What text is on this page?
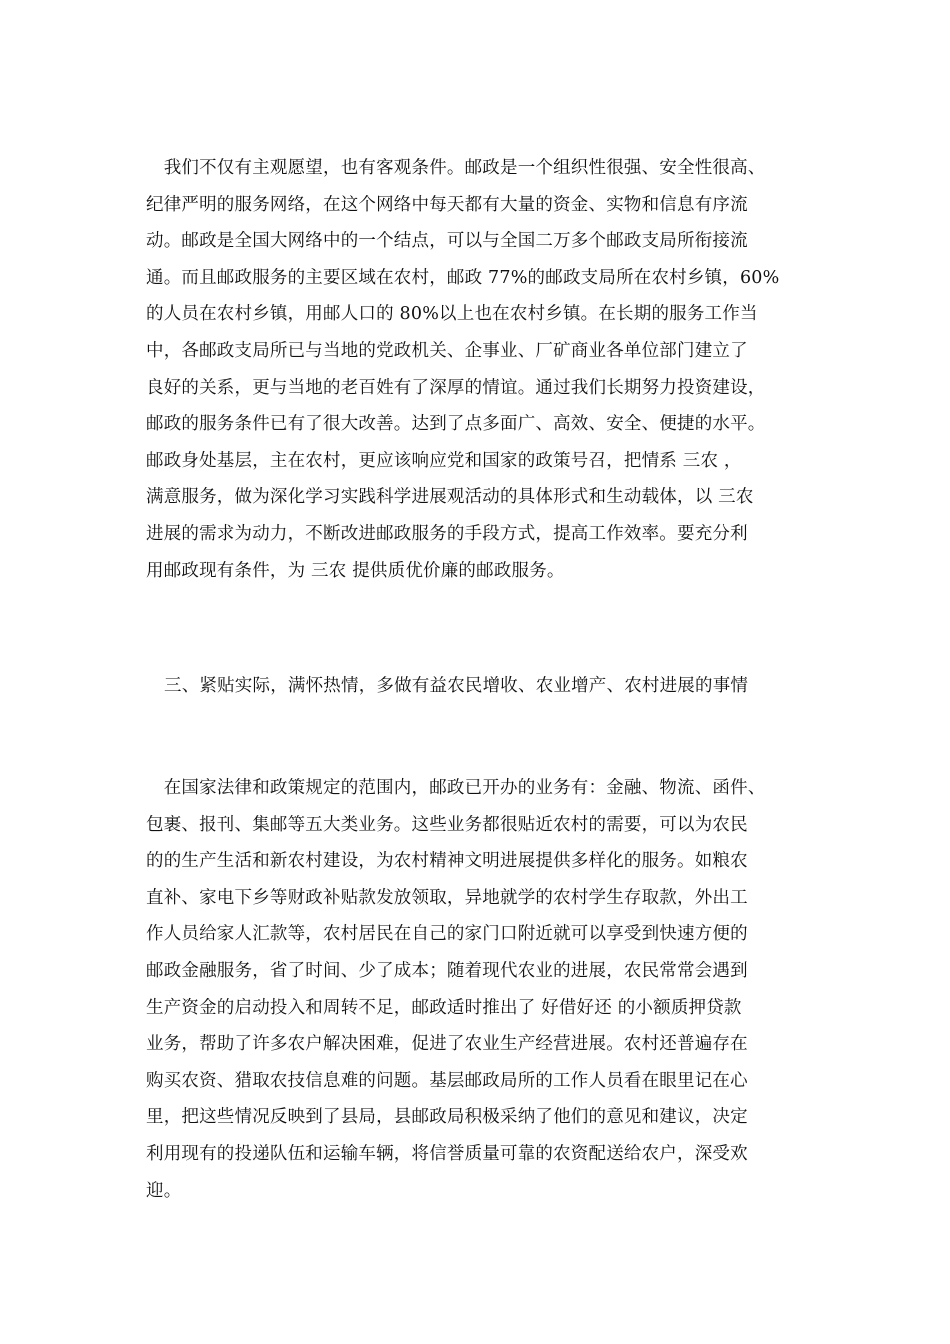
　我们不仅有主观愿望，也有客观条件。邮政是一个组织性很强、安全性很高、
纪律严明的服务网络，在这个网络中每天都有大量的资金、实物和信息有序流
动。邮政是全国大网络中的一个结点，可以与全国二万多个邮政支局所衔接流
通。而且邮政服务的主要区域在农村，邮政 77%的邮政支局所在农村乡镇，60%
的人员在农村乡镇，用邮人口的 80%以上也在农村乡镇。在长期的服务工作当
中，各邮政支局所已与当地的党政机关、企事业、厂矿商业各单位部门建立了
良好的关系，更与当地的老百姓有了深厚的情谊。通过我们长期努力投资建设，
邮政的服务条件已有了很大改善。达到了点多面广、高效、安全、便捷的水平。
邮政身处基层，主在农村，更应该响应党和国家的政策号召，把情系 三农 ，
满意服务，做为深化学习实践科学进展观活动的具体形式和生动载体，以 三农
进展的需求为动力，不断改进邮政服务的手段方式，提高工作效率。要充分利
用邮政现有条件，为 三农 提供质优价廉的邮政服务。
三、紧贴实际，满怀热情，多做有益农民增收、农业增产、农村进展的事情
　在国家法律和政策规定的范围内，邮政已开办的业务有：金融、物流、函件、
包裹、报刊、集邮等五大类业务。这些业务都很贴近农村的需要，可以为农民
的的生产生活和新农村建设，为农村精神文明进展提供多样化的服务。如粮农
直补、家电下乡等财政补贴款发放领取，异地就学的农村学生存取款，外出工
作人员给家人汇款等，农村居民在自己的家门口附近就可以享受到快速方便的
邮政金融服务，省了时间、少了成本；随着现代农业的进展，农民常常会遇到
生产资金的启动投入和周转不足，邮政适时推出了 好借好还 的小额质押贷款
业务，帮助了许多农户解决困难，促进了农业生产经营进展。农村还普遍存在
购买农资、猎取农技信息难的问题。基层邮政局所的工作人员看在眼里记在心
里，把这些情况反映到了县局，县邮政局积极采纳了他们的意见和建议，决定
利用现有的投递队伍和运输车辆，将信誉质量可靠的农资配送给农户，深受欢
迎。
